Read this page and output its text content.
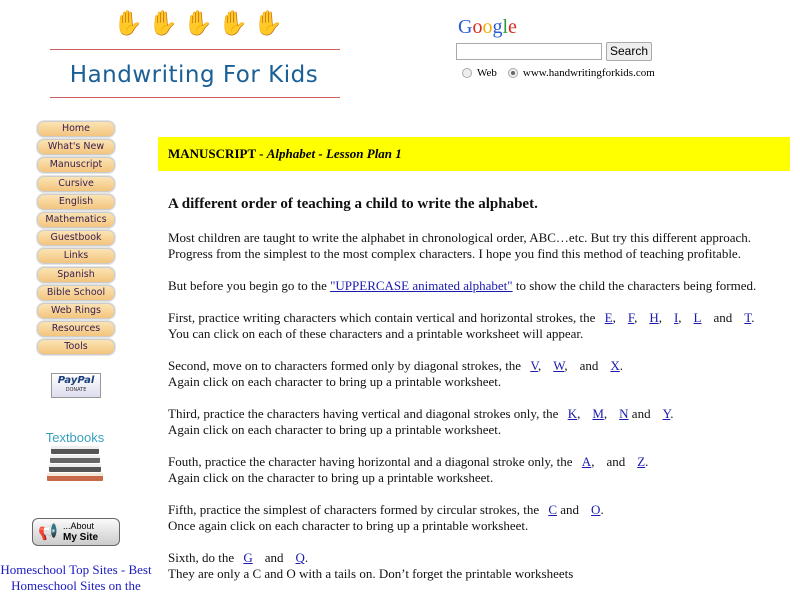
✋ ✋ ✋ ✋ ✋
Handwriting For Kids
Google
Search
Web www.handwritingforkids.com
Home
What's New
Manuscript
Cursive
English
Mathematics
Guestbook
Links
Spanish
Bible School
Web Rings
Resources
Tools
PayPal
DONATE
Textbooks
📢 ...About
My Site
Homeschool Top Sites - Best Homeschool Sites on the
MANUSCRIPT - Alphabet - Lesson Plan 1
A different order of teaching a child to write the alphabet.

Most children are taught to write the alphabet in chronological order, ABC…etc. But try this different approach. Progress from the simplest to the most complex characters. I hope you find this method of teaching profitable.

But before you begin go to the "UPPERCASE animated alphabet" to show the child the characters being formed.

First, practice writing characters which contain vertical and horizontal strokes, the E, F, H, I, L and T.
You can click on each of these characters and a printable worksheet will appear.

Second, move on to characters formed only by diagonal strokes, the V, W, and X.
Again click on each character to bring up a printable worksheet.

Third, practice the characters having vertical and diagonal strokes only, the K, M, N and Y.
Again click on each character to bring up a printable worksheet.

Fouth, practice the character having horizontal and a diagonal stroke only, the A, and Z.
Again click on the character to bring up a printable worksheet.

Fifth, practice the simplest of characters formed by circular strokes, the C and O.
Once again click on each character to bring up a printable worksheet.

Sixth, do the G and Q.
They are only a C and O with a tails on. Don’t forget the printable worksheets
